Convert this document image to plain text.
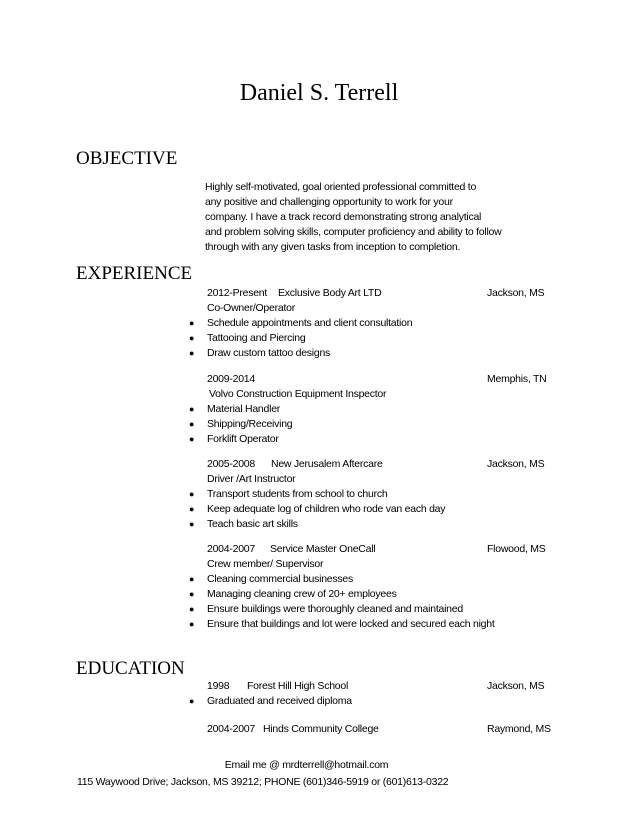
Daniel S. Terrell
OBJECTIVE
Highly self-motivated, goal oriented professional committed to
any positive and challenging opportunity to work for your
company. I have a track record demonstrating strong analytical
and problem solving skills, computer proficiency and ability to follow
through with any given tasks from inception to completion.
EXPERIENCE
2012-Present Exclusive Body Art LTD	Jackson, MS
Co-Owner/Operator
● Schedule appointments and client consultation
● Tattooing and Piercing
● Draw custom tattoo designs
2009-2014	Memphis, TN
Volvo Construction Equipment Inspector
● Material Handler
● Shipping/Receiving
● Forklift Operator
2005-2008 New Jerusalem Aftercare	Jackson, MS
Driver /Art Instructor
● Transport students from school to church
● Keep adequate log of children who rode van each day
● Teach basic art skills
2004-2007 Service Master OneCall	Flowood, MS
Crew member/ Supervisor
● Cleaning commercial businesses
● Managing cleaning crew of 20+ employees
● Ensure buildings were thoroughly cleaned and maintained
● Ensure that buildings and lot were locked and secured each night
EDUCATION
1998 Forest Hill High School	Jackson, MS
● Graduated and received diploma
2004-2007 Hinds Community College	Raymond, MS
Email me @ mrdterrell@hotmail.com
115 Waywood Drive; Jackson, MS 39212; PHONE (601)346-5919 or (601)613-0322
